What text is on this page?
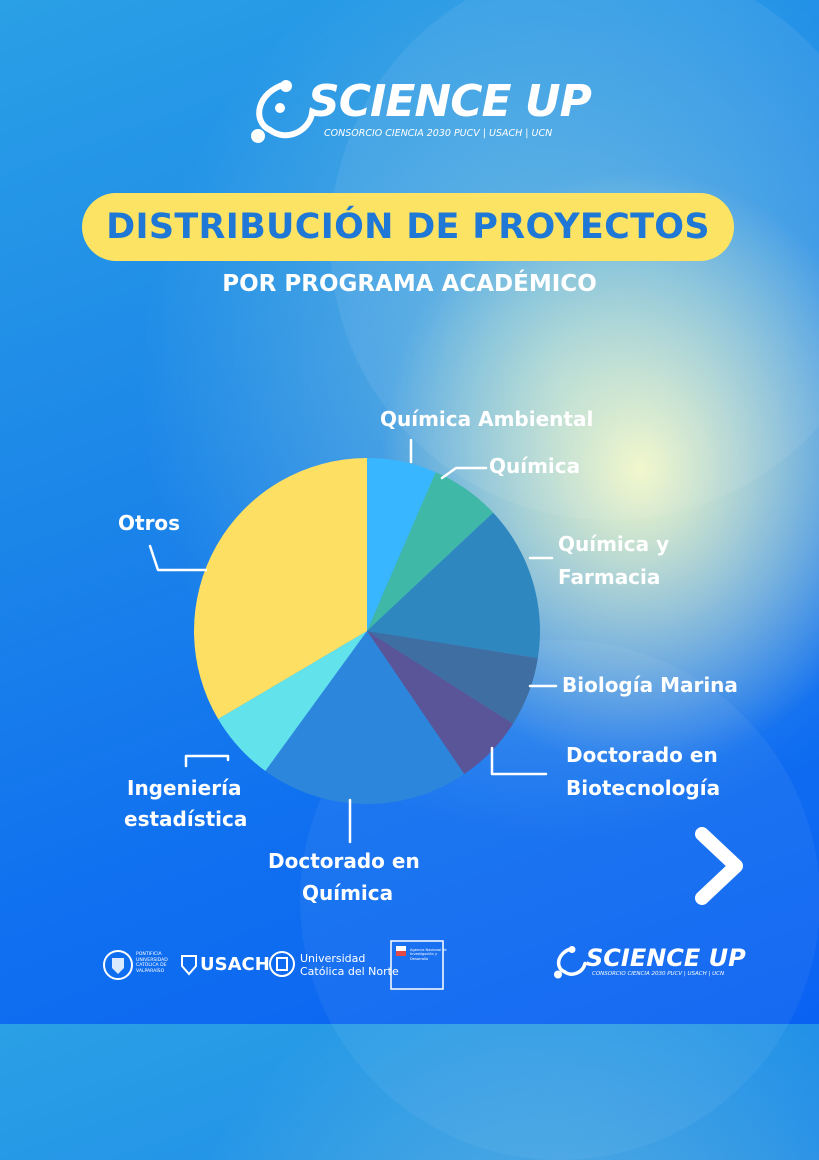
SCIENCE UP
CONSORCIO CIENCIA 2030 PUCV | USACH | UCN
DISTRIBUCIÓN DE PROYECTOS
POR PROGRAMA ACADÉMICO
Química Ambiental
Química
Química y
Farmacia
Biología Marina
Doctorado en
Biotecnología
Doctorado en
Química
Ingeniería
estadística
Otros
PONTIFICIA UNIVERSIDAD CATÓLICA DE VALPARAÍSO	USACH	Universidad
Católica del Norte
Agencia Nacional de Investigación y Desarrollo	SCIENCE UP
CONSORCIO CIENCIA 2030 PUCV | USACH | UCN
